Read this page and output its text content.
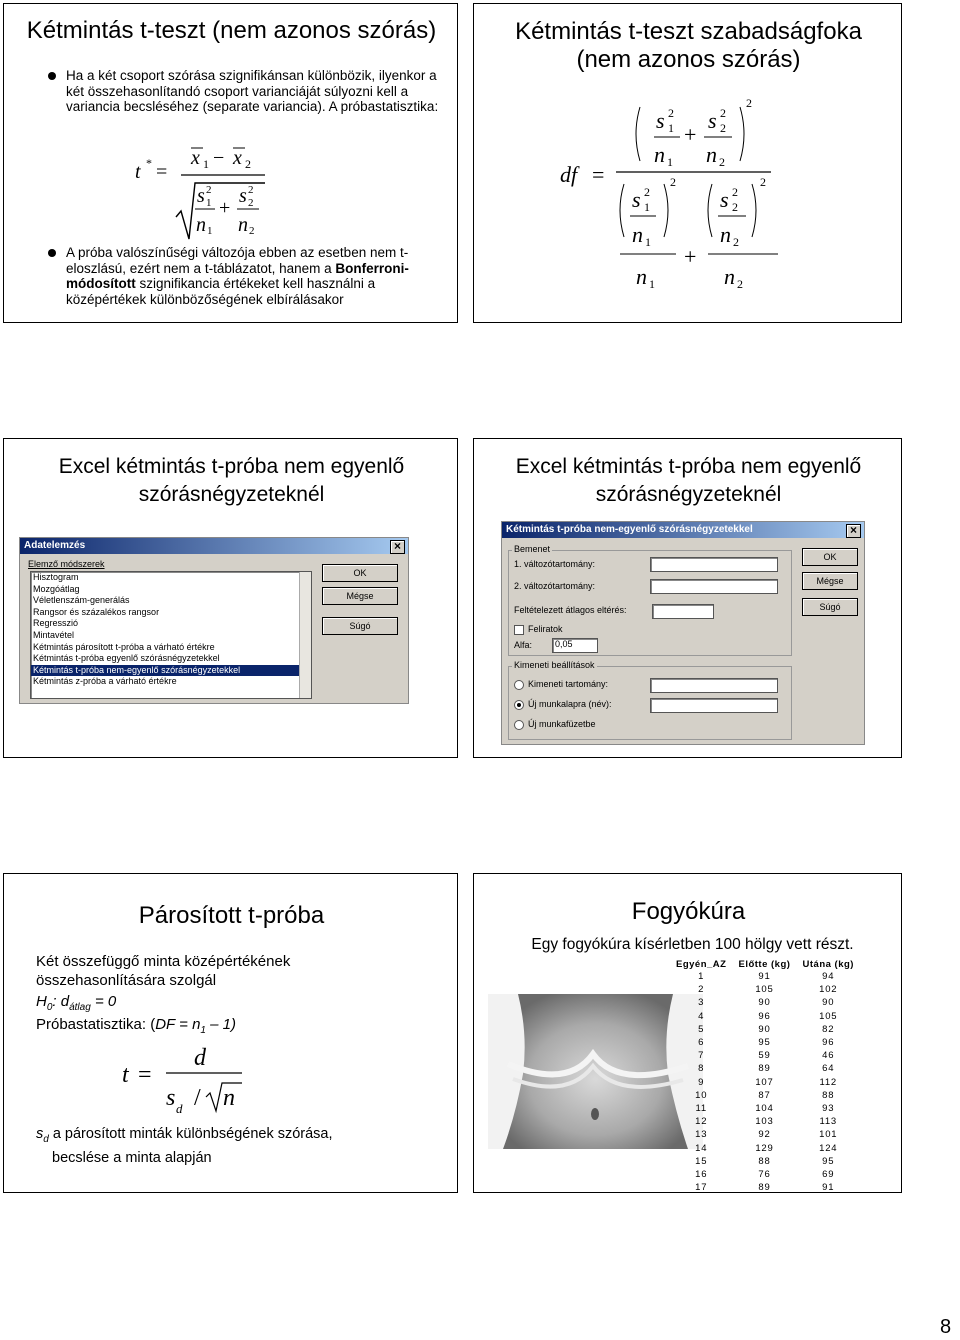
Kétmintás t-teszt (nem azonos szórás)
Ha a két csoport szórása szignifikánsan különbözik, ilyenkor a két összehasonlítandó csoport varianciáját súlyozni kell a variancia becsléséhez (separate variancia). A próbastatisztika:
t * =
x 1 − x 2
s 2
1
n 1
+
s 2
2
n 2
A próba valószínűségi változója ebben az esetben nem t-eloszlású, ezért nem a t-táblázatot, hanem a Bonferroni-módosított szignifikancia értékeket kell használni a középértékek különbözőségének elbírálásakor
Kétmintás t-teszt szabadságfoka (nem azonos szórás)
df =
s 2
1
n 1
+
s 2
2
n 2
2
s 2
1
n 1
2
n 1
+
s 2
2
n 2
2
n 2
Excel kétmintás t-próba nem egyenlő szórásnégyzeteknél
Adatelemzés	×
Elemző módszerek
Hisztogram
Mozgóátlag
Véletlenszám-generálás
Rangsor és százalékos rangsor
Regresszió
Mintavétel
Kétmintás párosított t-próba a várható értékre
Kétmintás t-próba egyenlő szórásnégyzetekkel
Kétmintás t-próba nem-egyenlő szórásnégyzetekkel
Kétmintás z-próba a várható értékre
OK
Mégse
Súgó
Excel kétmintás t-próba nem egyenlő szórásnégyzeteknél
Kétmintás t-próba nem-egyenlő szórásnégyzetekkel	×
Bemenet
1. változótartomány:
2. változótartomány:
Feltételezett átlagos eltérés:
Feliratok
Alfa:	0,05
Kimeneti beállítások
Kimeneti tartomány:
Új munkalapra (név):
Új munkafüzetbe
OK
Mégse
Súgó
Párosított t-próba
Két összefüggő minta középértékének összehasonlítására szolgál
$H_0$: $d_{átlag} = 0$
Próbastatisztika: $(DF = n_1 - 1)$
t =
d
s d / n
$s_d$ a párosított minták különbségének szórása,
becslése a minta alapján
Fogyókúra
Egy fogyókúra kísérletben 100 hölgy vett részt.
Egyén_AZ	Előtte (kg)	Utána (kg)
1	91	94
2	105	102
3	90	90
4	96	105
5	90	82
6	95	96
7	59	46
8	89	64
9	107	112
10	87	88
11	104	93
12	103	113
13	92	101
14	129	124
15	88	95
16	76	69
17	89	91
8
